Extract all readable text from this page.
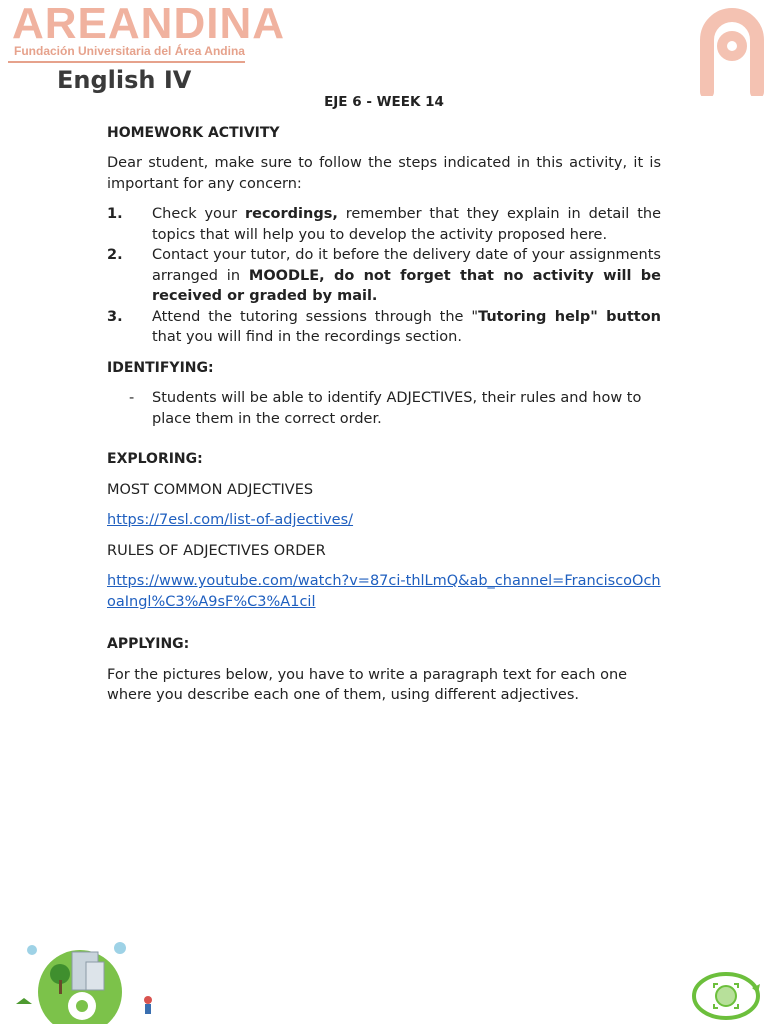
AREANDINA
Fundación Universitaria del Área Andina
English IV
EJE 6 - WEEK 14
HOMEWORK ACTIVITY

Dear student, make sure to follow the steps indicated in this activity, it is important for any concern:

1. Check your recordings, remember that they explain in detail the topics that will help you to develop the activity proposed here.
2. Contact your tutor, do it before the delivery date of your assignments arranged in MOODLE, do not forget that no activity will be received or graded by mail.
3. Attend the tutoring sessions through the "Tutoring help" button that you will find in the recordings section.
IDENTIFYING:
- Students will be able to identify ADJECTIVES, their rules and how to place them in the correct order.
EXPLORING:

MOST COMMON ADJECTIVES

https://7esl.com/list-of-adjectives/

RULES OF ADJECTIVES ORDER

https://www.youtube.com/watch?v=87ci-thlLmQ&ab_channel=FranciscoOchoaIngl%C3%A9sF%C3%A1cil

APPLYING:

For the pictures below, you have to write a paragraph text for each one where you describe each one of them, using different adjectives.
